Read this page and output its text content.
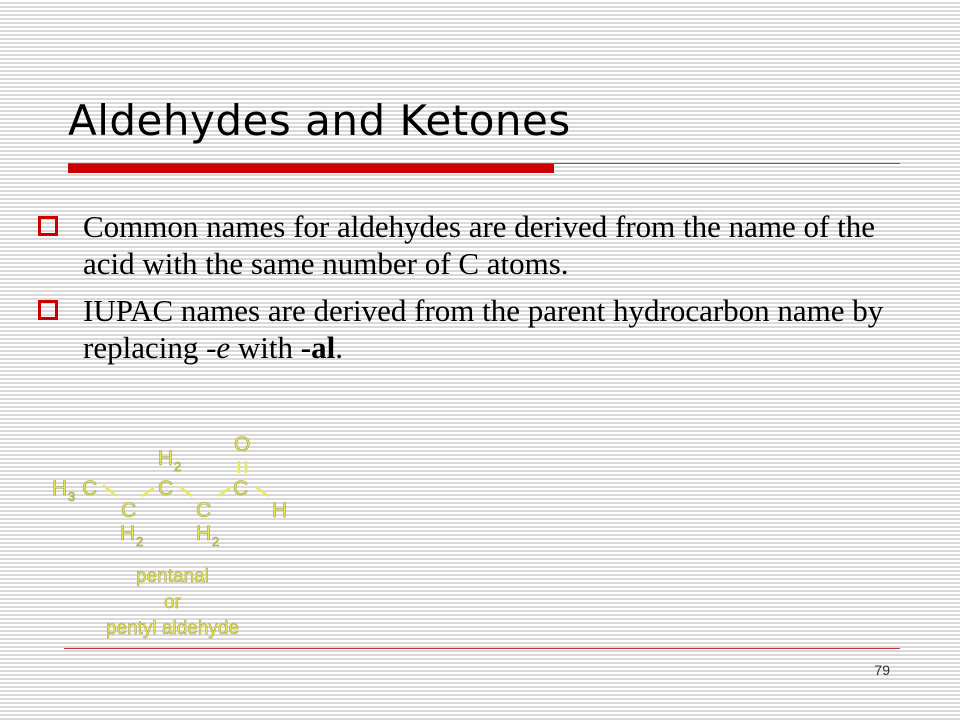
Aldehydes and Ketones
Common names for aldehydes are derived from the name of the acid with the same number of C atoms.
IUPAC names are derived from the parent hydrocarbon name by replacing -e with -al.
H 3 C
C
C
C
C
H 2
H 2	H 2
O
H
pentanal
or
pentyl aldehyde
79
